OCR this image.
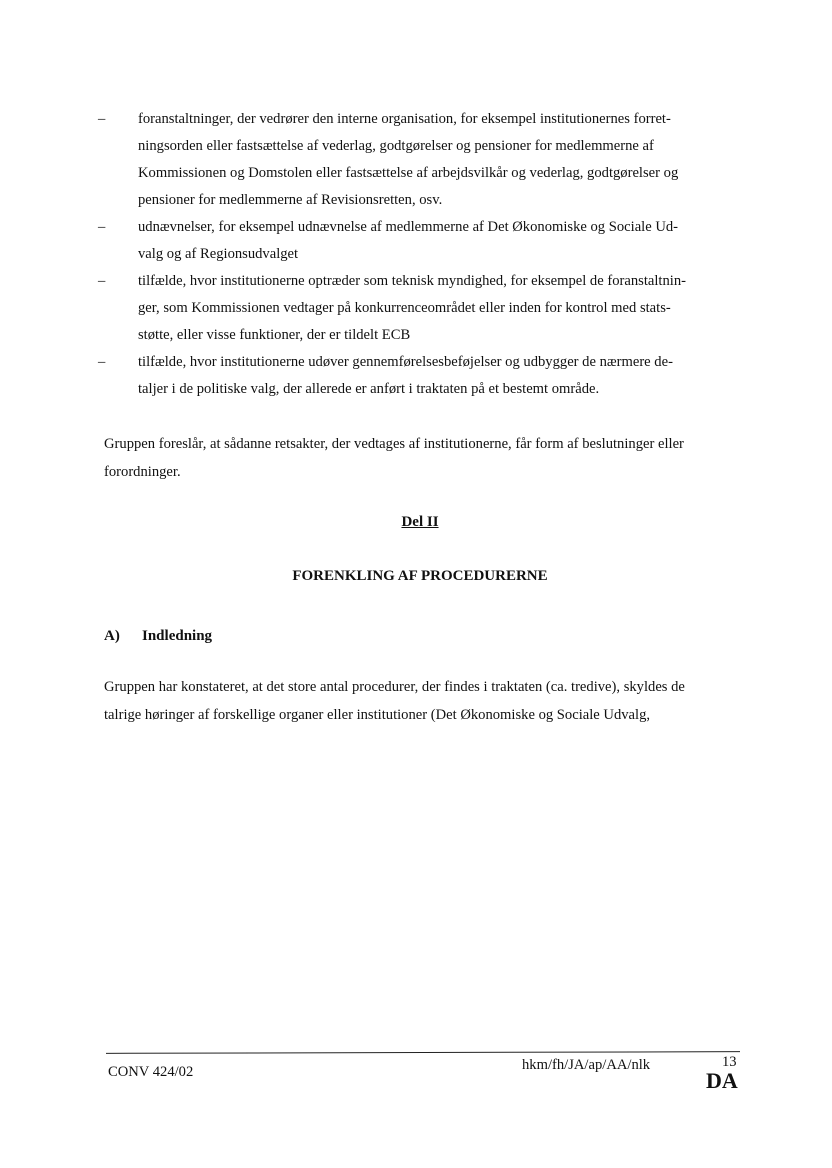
– foranstaltninger, der vedrører den interne organisation, for eksempel institutionernes forret-
ningsorden eller fastsættelse af vederlag, godtgørelser og pensioner for medlemmerne af
Kommissionen og Domstolen eller fastsættelse af arbejdsvilkår og vederlag, godtgørelser og
pensioner for medlemmerne af Revisionsretten, osv.
– udnævnelser, for eksempel udnævnelse af medlemmerne af Det Økonomiske og Sociale Ud-
valg og af Regionsudvalget
– tilfælde, hvor institutionerne optræder som teknisk myndighed, for eksempel de foranstaltnin-
ger, som Kommissionen vedtager på konkurrenceområdet eller inden for kontrol med stats-
støtte, eller visse funktioner, der er tildelt ECB
– tilfælde, hvor institutionerne udøver gennemførelsesbeføjelser og udbygger de nærmere de-
taljer i de politiske valg, der allerede er anført i traktaten på et bestemt område.

Gruppen foreslår, at sådanne retsakter, der vedtages af institutionerne, får form af beslutninger eller
forordninger.

Del II
FORENKLING AF PROCEDURERNE
A) Indledning

Gruppen har konstateret, at det store antal procedurer, der findes i traktaten (ca. tredive), skyldes de
talrige høringer af forskellige organer eller institutioner (Det Økonomiske og Sociale Udvalg,

CONV 424/02	hkm/fh/JA/ap/AA/nlk	13
DA
